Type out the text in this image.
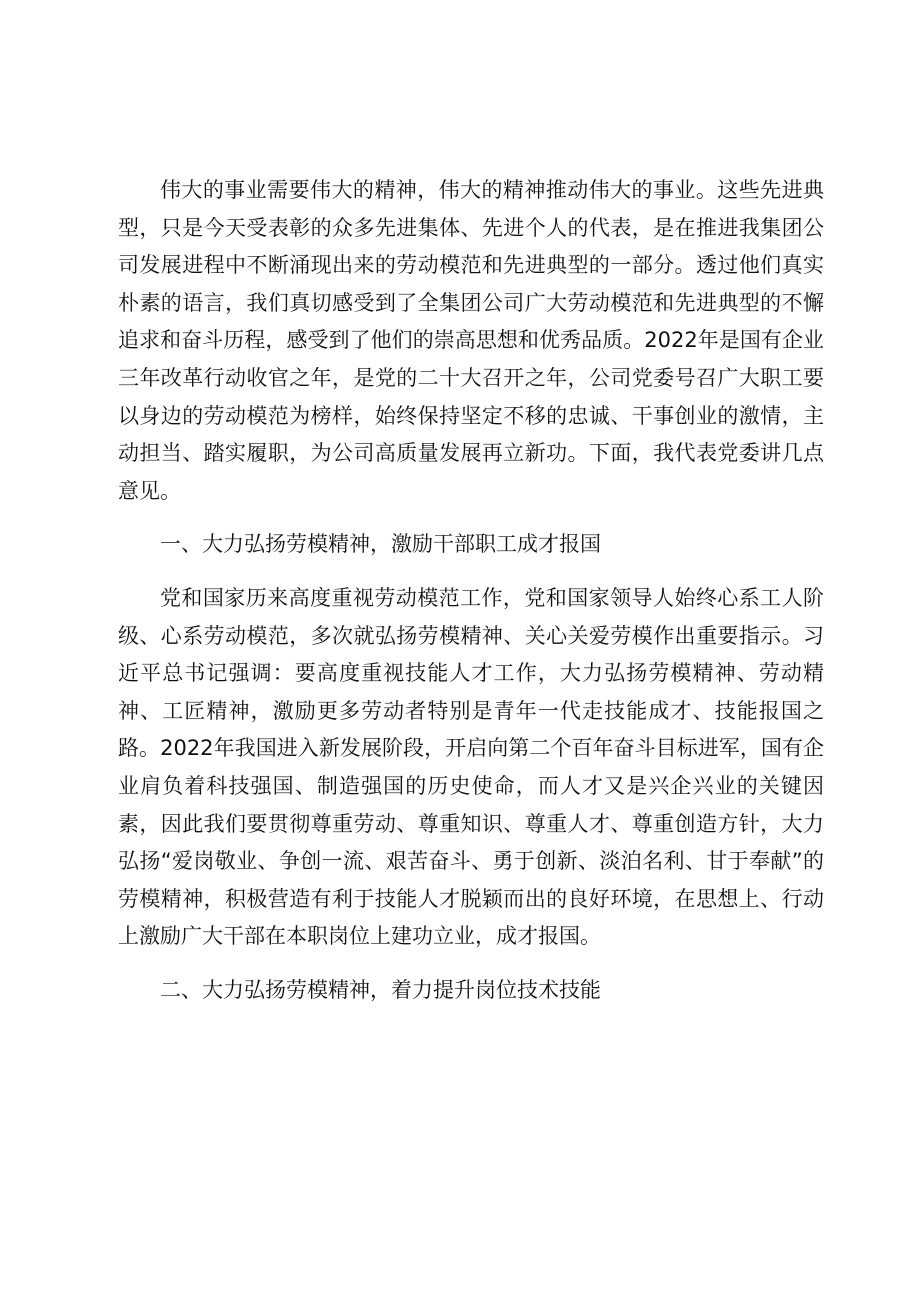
伟大的事业需要伟大的精神，伟大的精神推动伟大的事业。这些先进典型，只是今天受表彰的众多先进集体、先进个人的代表，是在推进我集团公司发展进程中不断涌现出来的劳动模范和先进典型的一部分。透过他们真实朴素的语言，我们真切感受到了全集团公司广大劳动模范和先进典型的不懈追求和奋斗历程，感受到了他们的崇高思想和优秀品质。2022年是国有企业三年改革行动收官之年，是党的二十大召开之年，公司党委号召广大职工要以身边的劳动模范为榜样，始终保持坚定不移的忠诚、干事创业的激情，主动担当、踏实履职，为公司高质量发展再立新功。下面，我代表党委讲几点意见。

一、大力弘扬劳模精神，激励干部职工成才报国

党和国家历来高度重视劳动模范工作，党和国家领导人始终心系工人阶级、心系劳动模范，多次就弘扬劳模精神、关心关爱劳模作出重要指示。习近平总书记强调：要高度重视技能人才工作，大力弘扬劳模精神、劳动精神、工匠精神，激励更多劳动者特别是青年一代走技能成才、技能报国之路。2022年我国进入新发展阶段，开启向第二个百年奋斗目标进军，国有企业肩负着科技强国、制造强国的历史使命，而人才又是兴企兴业的关键因素，因此我们要贯彻尊重劳动、尊重知识、尊重人才、尊重创造方针，大力弘扬“爱岗敬业、争创一流、艰苦奋斗、勇于创新、淡泊名利、甘于奉献”的劳模精神，积极营造有利于技能人才脱颖而出的良好环境，在思想上、行动上激励广大干部在本职岗位上建功立业，成才报国。

二、大力弘扬劳模精神，着力提升岗位技术技能
